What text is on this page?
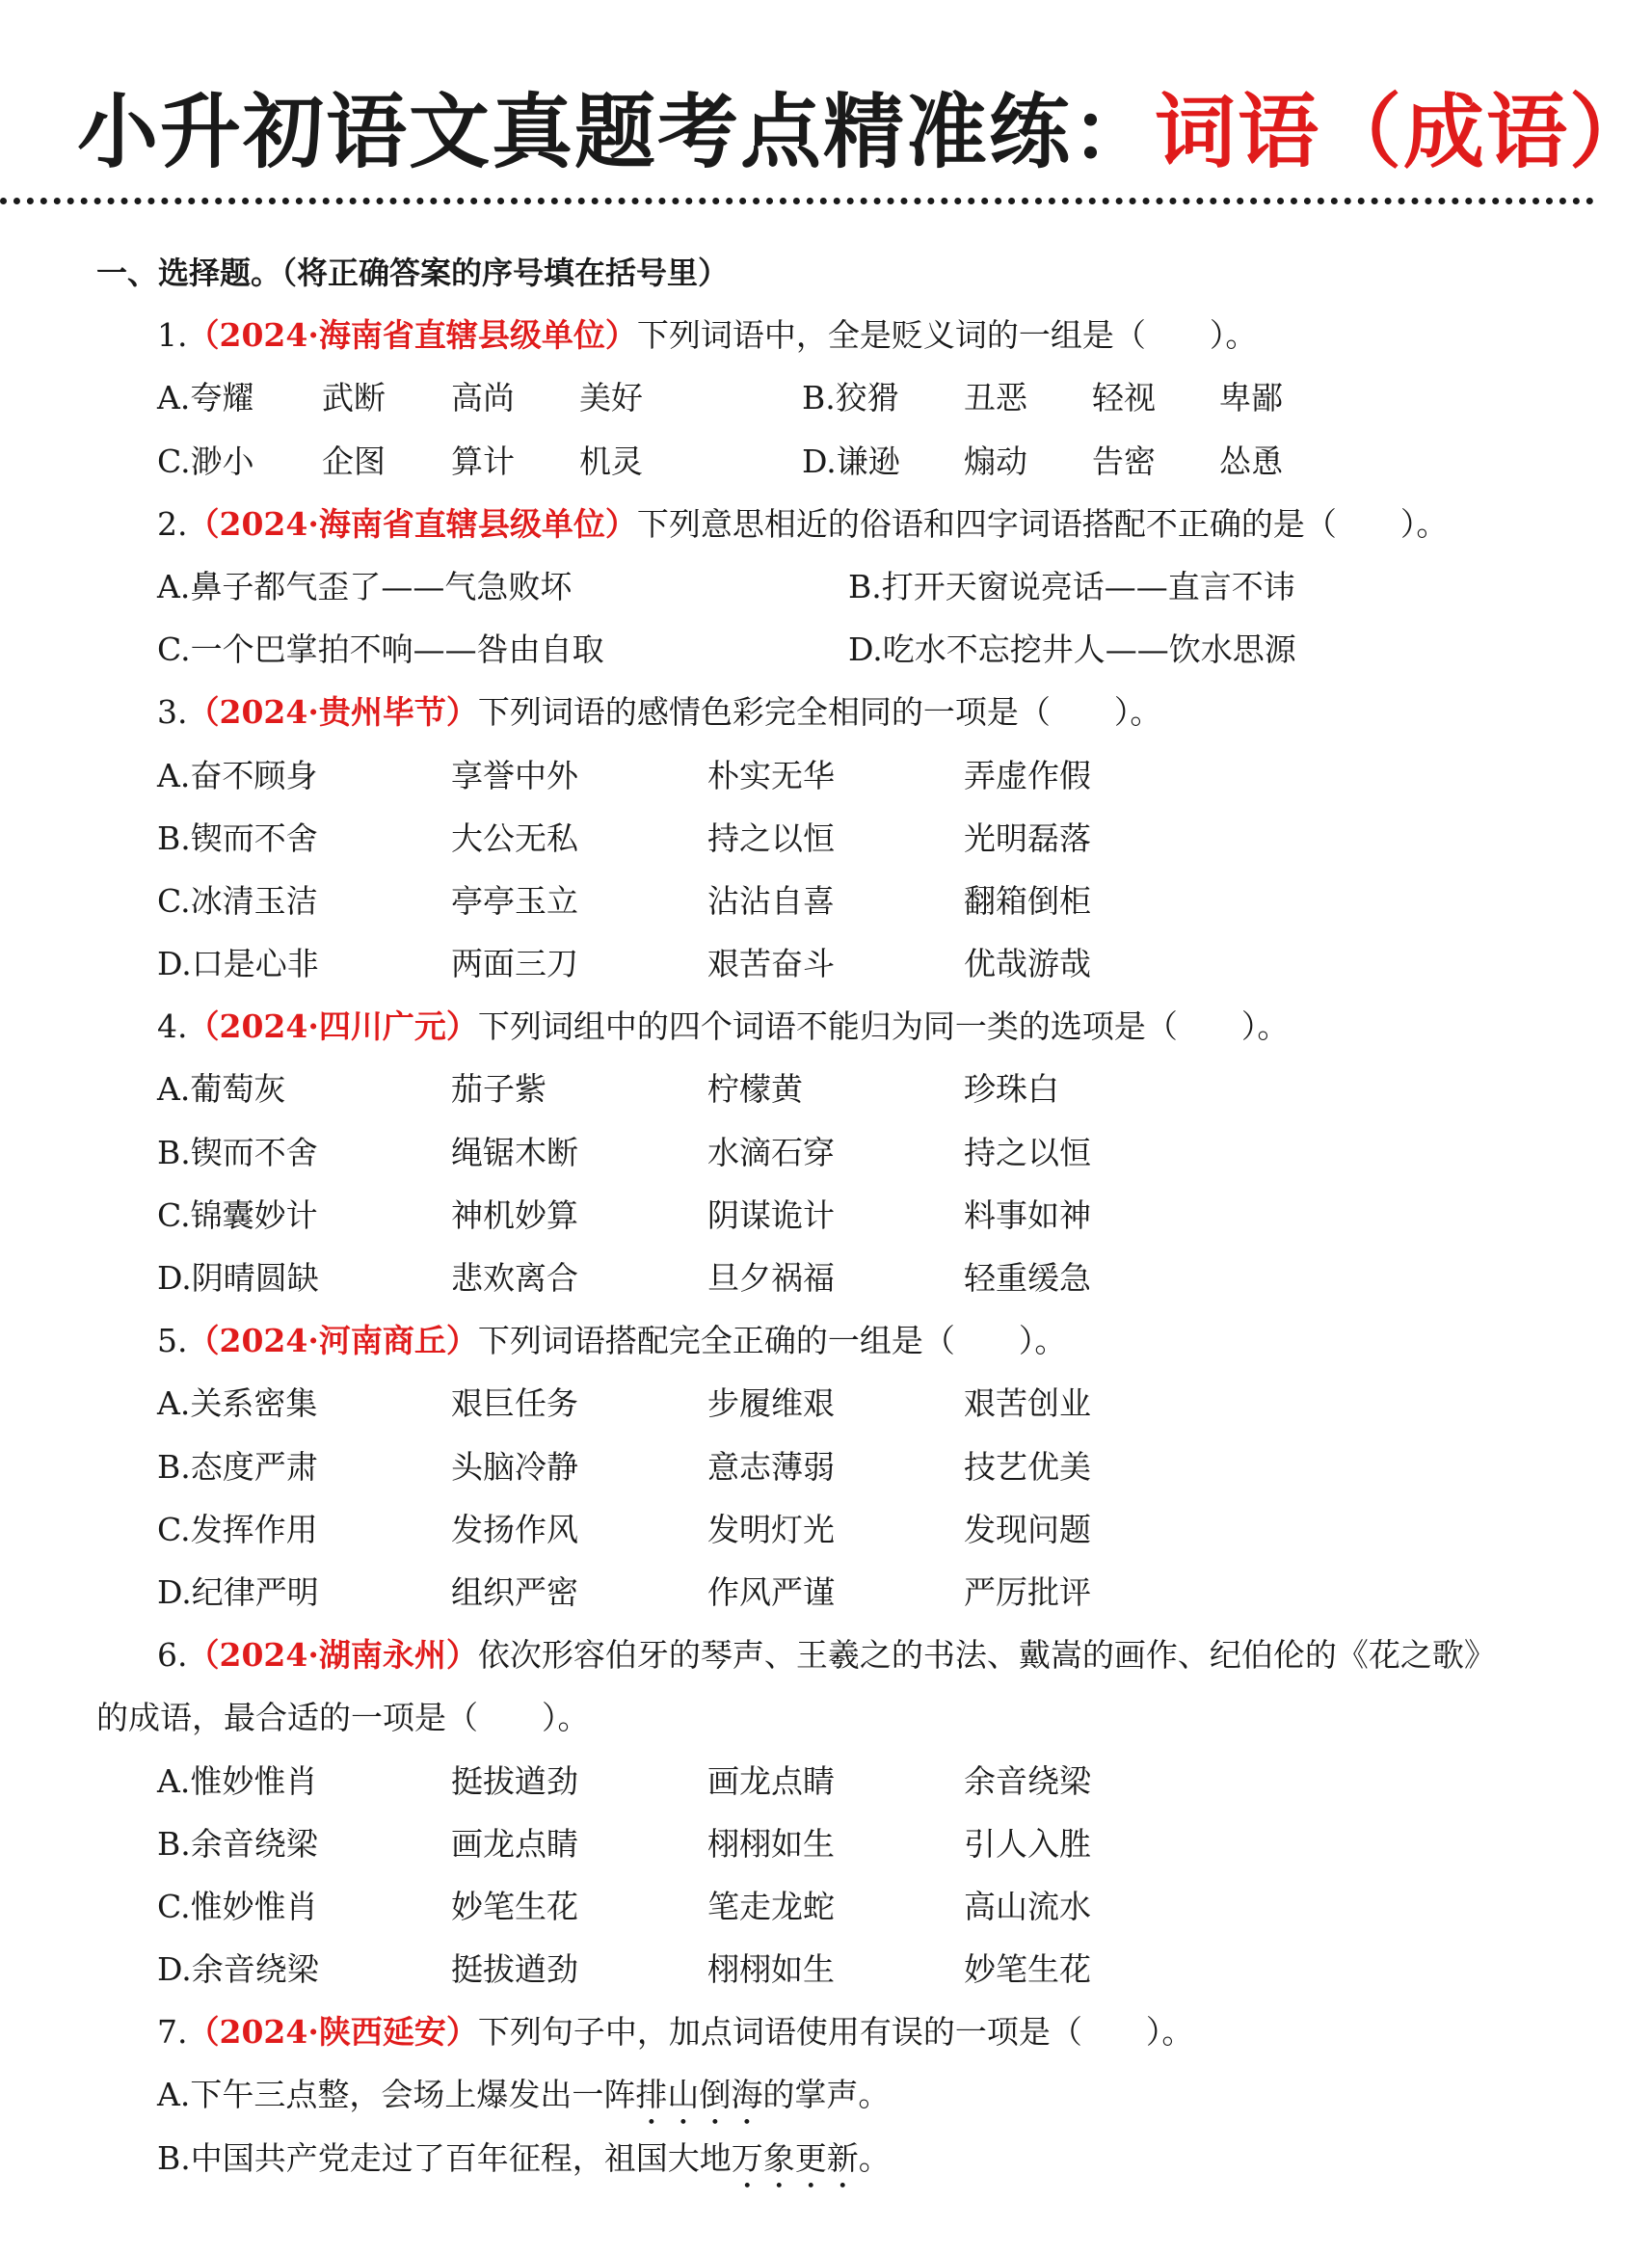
小升初语文真题考点精准练：词语（成语）
一、选择题。（将正确答案的序号填在括号里）
1.（2024·海南省直辖县级单位）下列词语中，全是贬义词的一组是（　　）。
A.夸耀 武断 高尚 美好	B.狡猾 丑恶 轻视 卑鄙
C.渺小 企图 算计 机灵	D.谦逊 煽动 告密 怂恿
2.（2024·海南省直辖县级单位）下列意思相近的俗语和四字词语搭配不正确的是（　　）。
A.鼻子都气歪了——气急败坏	B.打开天窗说亮话——直言不讳
C.一个巴掌拍不响——咎由自取	D.吃水不忘挖井人——饮水思源
3.（2024·贵州毕节）下列词语的感情色彩完全相同的一项是（　　）。
A.奋不顾身	享誉中外	朴实无华	弄虚作假
B.锲而不舍	大公无私	持之以恒	光明磊落
C.冰清玉洁	亭亭玉立	沾沾自喜	翻箱倒柜
D.口是心非	两面三刀	艰苦奋斗	优哉游哉
4.（2024·四川广元）下列词组中的四个词语不能归为同一类的选项是（　　）。
A.葡萄灰	茄子紫	柠檬黄	珍珠白
B.锲而不舍	绳锯木断	水滴石穿	持之以恒
C.锦囊妙计	神机妙算	阴谋诡计	料事如神
D.阴晴圆缺	悲欢离合	旦夕祸福	轻重缓急
5.（2024·河南商丘）下列词语搭配完全正确的一组是（　　）。
A.关系密集	艰巨任务	步履维艰	艰苦创业
B.态度严肃	头脑冷静	意志薄弱	技艺优美
C.发挥作用	发扬作风	发明灯光	发现问题
D.纪律严明	组织严密	作风严谨	严厉批评
6.（2024·湖南永州）依次形容伯牙的琴声、王羲之的书法、戴嵩的画作、纪伯伦的《花之歌》
的成语，最合适的一项是（　　）。
A.惟妙惟肖	挺拔遒劲	画龙点睛	余音绕梁
B.余音绕梁	画龙点睛	栩栩如生	引人入胜
C.惟妙惟肖	妙笔生花	笔走龙蛇	高山流水
D.余音绕梁	挺拔遒劲	栩栩如生	妙笔生花
7.（2024·陕西延安）下列句子中，加点词语使用有误的一项是（　　）。
A.下午三点整，会场上爆发出一阵排山倒海的掌声。
B.中国共产党走过了百年征程，祖国大地万象更新。
